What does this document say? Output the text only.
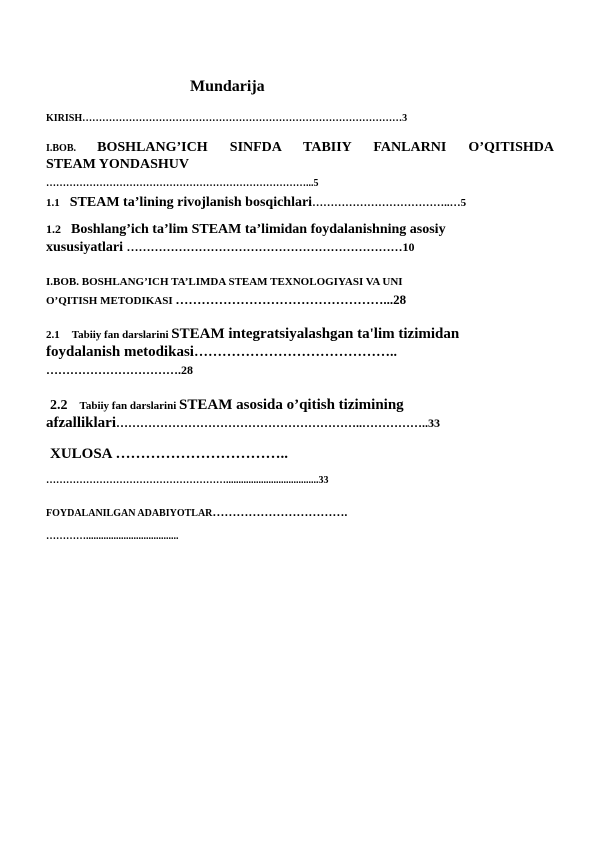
Mundarija
KIRISH……………………………………………………………………………………3
I.BOB. BOSHLANG’ICH SINFDA TABIIY FANLARNI O’QITISHDA
STEAM YONDASHUV
……………………………………………………………………...5
1.1 STEAM ta’lining rivojlanish bosqichlari………………………………..…5
1.2 Boshlang’ich ta’lim STEAM ta’limidan foydalanishning asosiy
xususiyatlari ……………………………………………………………10
I.BOB. BOSHLANG’ICH TA’LIMDA STEAM TEXNOLOGIYASI VA UNI
O’QITISH METODIKASI …………………………………………...28
2.1 Tabiiy fan darslarini STEAM integratsiyalashgan ta'lim tizimidan
foydalanish metodikasi……………………………………..
…………………………….28
2.2 Tabiiy fan darslarini STEAM asosida o’qitish tizimining
afzalliklari……………………………………………………..……………..33
XULOSA ……………………………..
……………………………………………….....................................33
FOYDALANILGAN ADABIYOTLAR…………………………….
………….....................................
